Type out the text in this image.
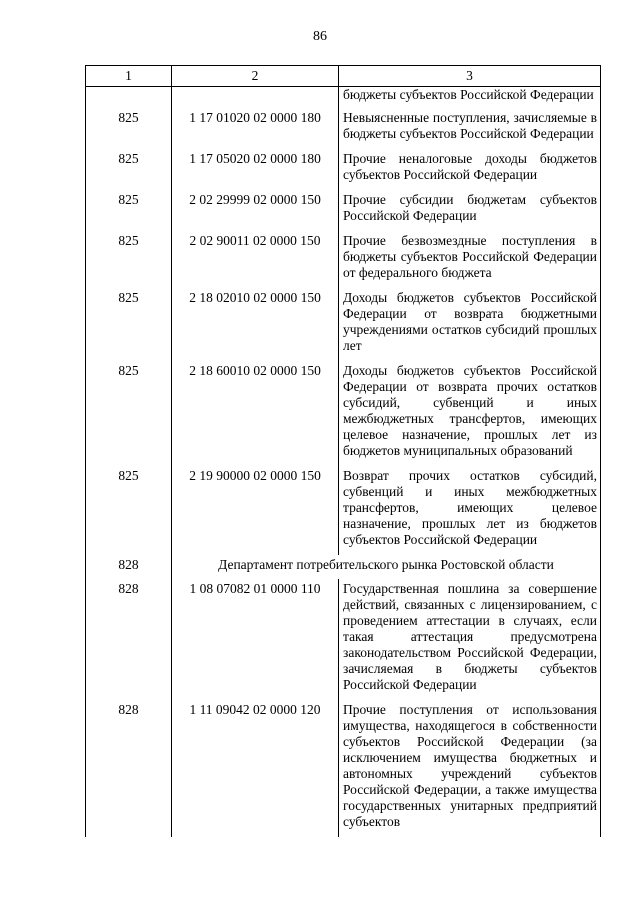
86
1	2	3
		бюджеты субъектов Российской Федерации
825	1 17 01020 02 0000 180	Невыясненные поступления, зачисляемые в бюджеты субъектов Российской Федерации
825	1 17 05020 02 0000 180	Прочие неналоговые доходы бюджетов субъектов Российской Федерации
825	2 02 29999 02 0000 150	Прочие субсидии бюджетам субъектов Российской Федерации
825	2 02 90011 02 0000 150	Прочие безвозмездные поступления в бюджеты субъектов Российской Федерации от федерального бюджета
825	2 18 02010 02 0000 150	Доходы бюджетов субъектов Российской Федерации от возврата бюджетными учреждениями остатков субсидий прошлых лет
825	2 18 60010 02 0000 150	Доходы бюджетов субъектов Российской Федерации от возврата прочих остатков субсидий, субвенций и иных межбюджетных трансфертов, имеющих целевое назначение, прошлых лет из бюджетов муниципальных образований
825	2 19 90000 02 0000 150	Возврат прочих остатков субсидий, субвенций и иных межбюджетных трансфертов, имеющих целевое назначение, прошлых лет из бюджетов субъектов Российской Федерации
828	Департамент потребительского рынка Ростовской области	
828	1 08 07082 01 0000 110	Государственная пошлина за совершение действий, связанных с лицензированием, с проведением аттестации в случаях, если такая аттестация предусмотрена законодательством Российской Федерации, зачисляемая в бюджеты субъектов Российской Федерации
828	1 11 09042 02 0000 120	Прочие поступления от использования имущества, находящегося в собственности субъектов Российской Федерации (за исключением имущества бюджетных и автономных учреждений субъектов Российской Федерации, а также имущества государственных унитарных предприятий субъектов
